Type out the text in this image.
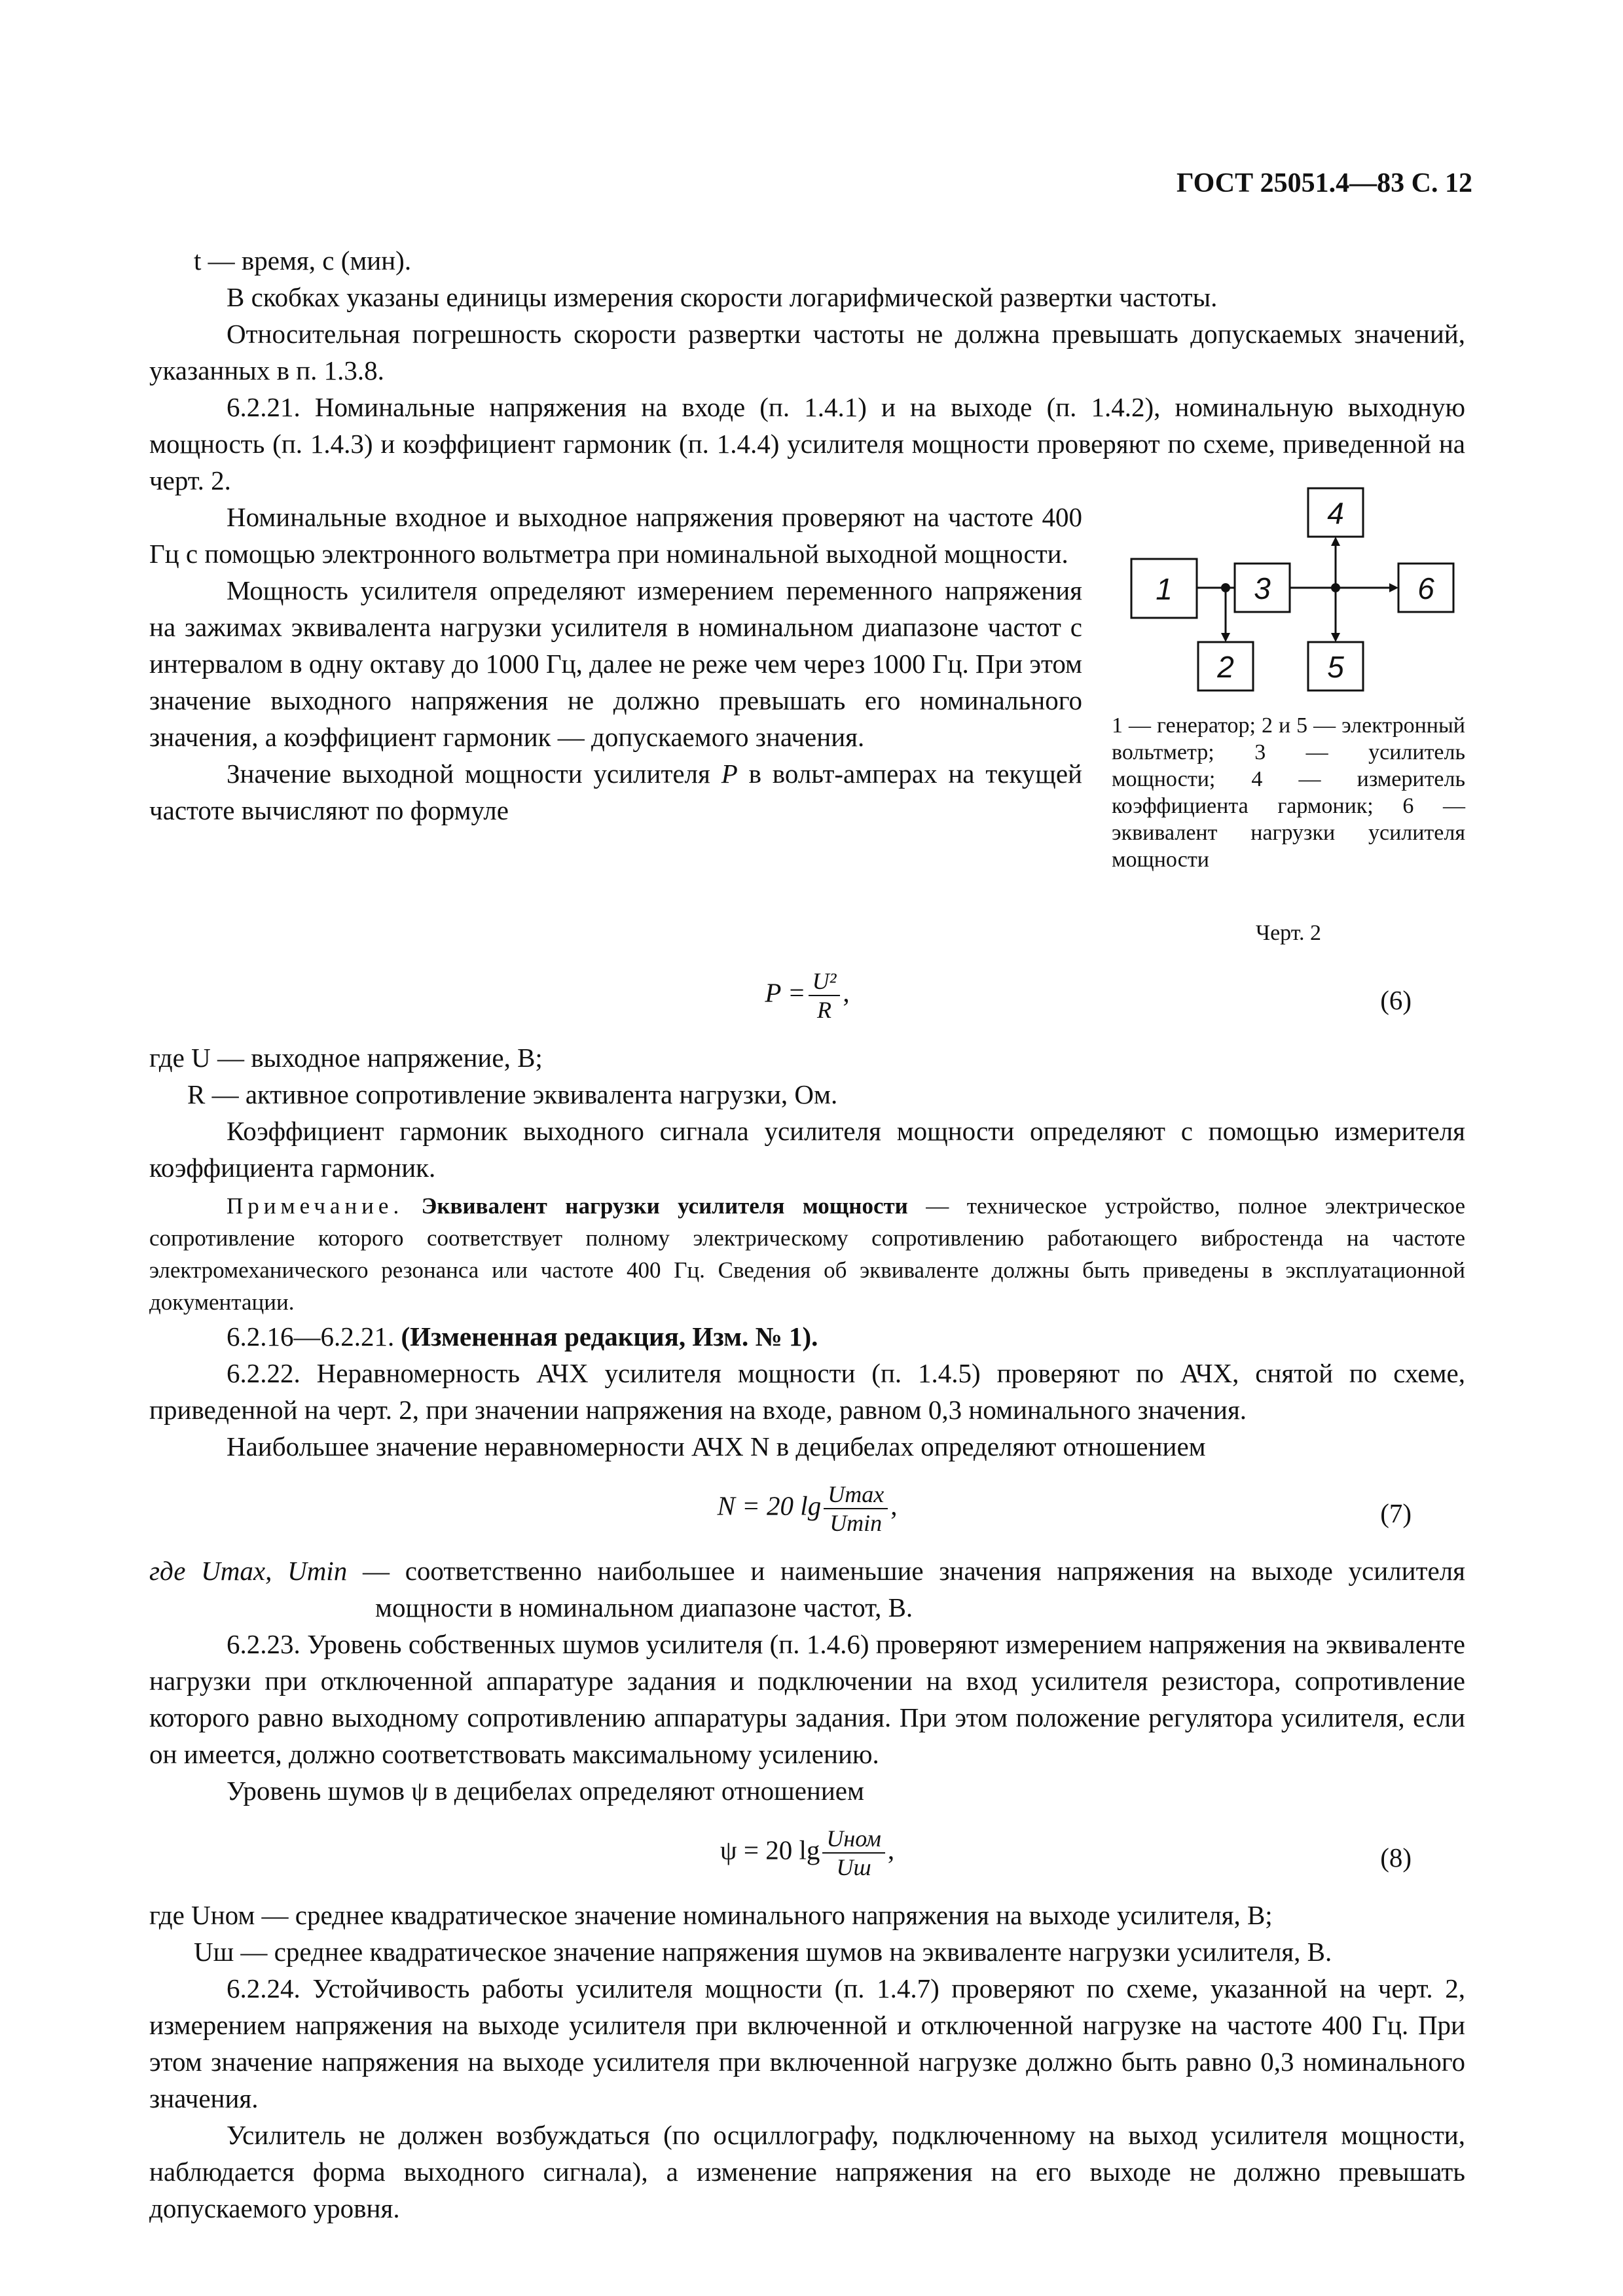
ГОСТ 25051.4—83 С. 12

t — время, с (мин).

В скобках указаны единицы измерения скорости логарифмической развертки частоты.

Относительная погрешность скорости развертки частоты не должна превышать допускаемых значений, указанных в п. 1.3.8.

6.2.21. Номинальные напряжения на входе (п. 1.4.1) и на выходе (п. 1.4.2), номинальную выходную мощность (п. 1.4.3) и коэффициент гармоник (п. 1.4.4) усилителя мощности проверяют по схеме, приведенной на черт. 2.

1
2
3
4
5
6

1 — генератор; 2 и 5 — электронный вольтметр; 3 — усилитель мощности; 4 — измеритель коэффициента гармоник; 6 — эквивалент нагрузки усилителя мощности

Черт. 2

Номинальные входное и выходное напряжения проверяют на частоте 400 Гц с помощью электронного вольтметра при номинальной выходной мощности.

Мощность усилителя определяют измерением переменного напряжения на зажимах эквивалента нагрузки усилителя в номинальном диапазоне частот с интервалом в одну октаву до 1000 Гц, далее не реже чем через 1000 Гц. При этом значение выходного напряжения не должно превышать его номинального значения, а коэффициент гармоник — допускаемого значения.

Значение выходной мощности усилителя P в вольт-амперах на текущей частоте вычисляют по формуле

$P = \frac{\text{U²}}{R}$ ,	(6)

где U — выходное напряжение, В;

R — активное сопротивление эквивалента нагрузки, Ом.

Коэффициент гармоник выходного сигнала усилителя мощности определяют с помощью измерителя коэффициента гармоник.

Примечание. Эквивалент нагрузки усилителя мощности — техническое устройство, полное электрическое сопротивление которого соответствует полному электрическому сопротивлению работающего вибростенда на частоте электромеханического резонанса или частоте 400 Гц. Сведения об эквиваленте должны быть приведены в эксплуатационной документации.

6.2.16—6.2.21. (Измененная редакция, Изм. № 1).

6.2.22. Неравномерность АЧХ усилителя мощности (п. 1.4.5) проверяют по АЧХ, снятой по схеме, приведенной на черт. 2, при значении напряжения на входе, равном 0,3 номинального значения.

Наибольшее значение неравномерности АЧХ N в децибелах определяют отношением

N = 20 $\lg \frac{Umax}{Umin}$ ,	(7)

где Umax, Umin — соответственно наибольшее и наименьшие значения напряжения на выходе усилителя мощности в номинальном диапазоне частот, В.

6.2.23. Уровень собственных шумов усилителя (п. 1.4.6) проверяют измерением напряжения на эквиваленте нагрузки при отключенной аппаратуре задания и подключении на вход усилителя резистора, сопротивление которого равно выходному сопротивлению аппаратуры задания. При этом положение регулятора усилителя, если он имеется, должно соответствовать максимальному усилению.

Уровень шумов ψ в децибелах определяют отношением

ψ = 20 $\lg \frac{\text{Uном}}{Uш}$ ,	(8)

где Uном — среднее квадратическое значение номинального напряжения на выходе усилителя, В;

Uш — среднее квадратическое значение напряжения шумов на эквиваленте нагрузки усилителя, В.

6.2.24. Устойчивость работы усилителя мощности (п. 1.4.7) проверяют по схеме, указанной на черт. 2, измерением напряжения на выходе усилителя при включенной и отключенной нагрузке на частоте 400 Гц. При этом значение напряжения на выходе усилителя при включенной нагрузке должно быть равно 0,3 номинального значения.

Усилитель не должен возбуждаться (по осциллографу, подключенному на выход усилителя мощности, наблюдается форма выходного сигнала), а изменение напряжения на его выходе не должно превышать допускаемого уровня.
